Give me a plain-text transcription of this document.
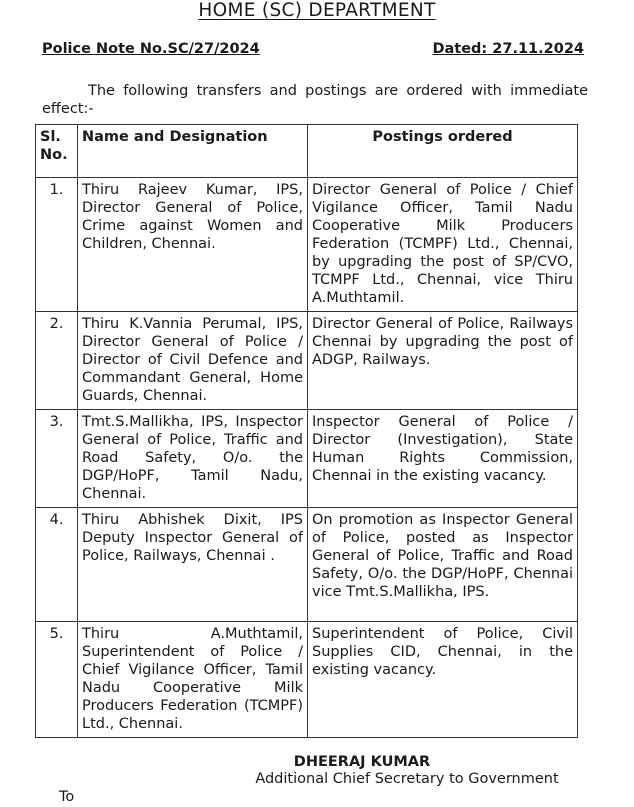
HOME (SC) DEPARTMENT
Police Note No.SC/27/2024	Dated: 27.11.2024
The following transfers and postings are ordered with immediate effect:-
Sl. No.	Name and Designation	Postings ordered
1.	Thiru Rajeev Kumar, IPS, Director General of Police, Crime against Women and Children, Chennai.	Director General of Police / Chief Vigilance Officer, Tamil Nadu Cooperative Milk Producers Federation (TCMPF) Ltd., Chennai, by upgrading the post of SP/CVO, TCMPF Ltd., Chennai, vice Thiru A.Muthtamil.
2.	Thiru K.Vannia Perumal, IPS, Director General of Police / Director of Civil Defence and Commandant General, Home Guards, Chennai.	Director General of Police, Railways Chennai by upgrading the post of ADGP, Railways.
3.	Tmt.S.Mallikha, IPS, Inspector General of Police, Traffic and Road Safety, O/o. the DGP/HoPF, Tamil Nadu, Chennai.	Inspector General of Police / Director (Investigation), State Human Rights Commission, Chennai in the existing vacancy.
4.	Thiru Abhishek Dixit, IPS Deputy Inspector General of Police, Railways, Chennai .	On promotion as Inspector General of Police, posted as Inspector General of Police, Traffic and Road Safety, O/o. the DGP/HoPF, Chennai vice Tmt.S.Mallikha, IPS.
5.	Thiru A.Muthtamil, Superintendent of Police / Chief Vigilance Officer, Tamil Nadu Cooperative Milk Producers Federation (TCMPF) Ltd., Chennai.	Superintendent of Police, Civil Supplies CID, Chennai, in the existing vacancy.
DHEERAJ KUMAR
Additional Chief Secretary to Government
To
